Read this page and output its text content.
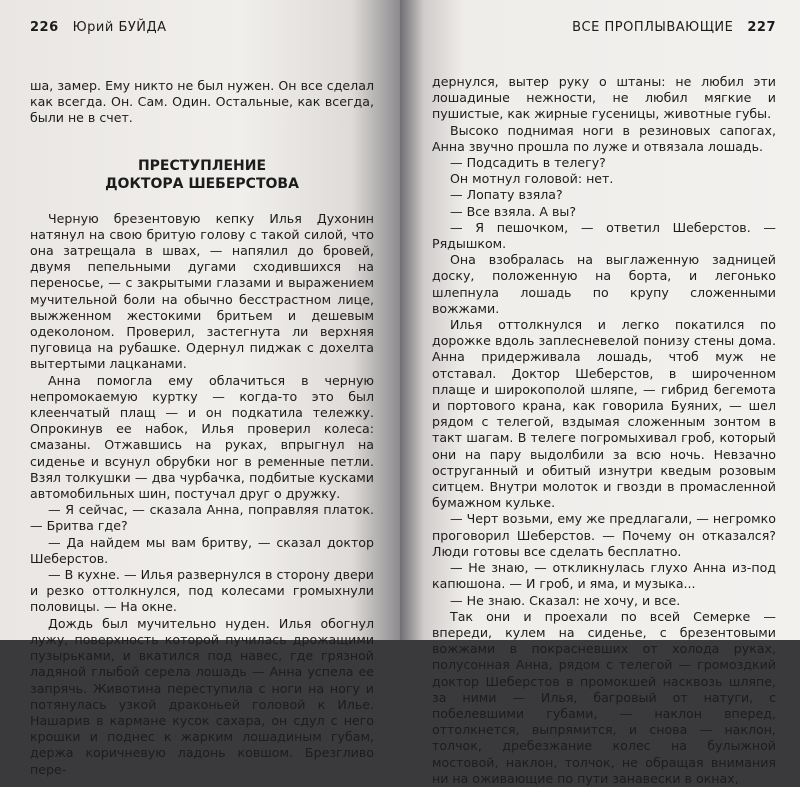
226 Юрий БУЙДА

ша, замер. Ему никто не был нужен. Он все сделал как всегда. Он. Сам. Один. Остальные, как всегда, были не в счет.

ПРЕСТУПЛЕНИЕ
ДОКТОРА ШЕБЕРСТОВА

Черную брезентовую кепку Илья Духонин натянул на свою бритую голову с такой силой, что она затрещала в швах, — напялил до бровей, двумя пепельными дугами сходившихся на переносье, — с закрытыми глазами и выражением мучительной боли на обычно бесстрастном лице, выжженном жестокими бритьем и дешевым одеколоном. Проверил, застегнута ли верхняя пуговица на рубашке. Одернул пиджак с дохелта вытертыми лацканами.

Анна помогла ему облачиться в черную непромокаемую куртку — когда-то это был клеенчатый плащ — и он подкатила тележку. Опрокинув ее набок, Илья проверил колеса: смазаны. Отжавшись на руках, впрыгнул на сиденье и всунул обрубки ног в ременные петли. Взял толкушки — два чурбачка, подбитые кусками автомобильных шин, постучал друг о дружку.

— Я сейчас, — сказала Анна, поправляя платок. — Бритва где?

— Да найдем мы вам бритву, — сказал доктор Шеберстов.

— В кухне. — Илья развернулся в сторону двери и резко оттолкнулся, под колесами громыхнули половицы. — На окне.

Дождь был мучительно нуден. Илья обогнул лужу, поверхность которой пучилась дрожащими пузырьками, и вкатился под навес, где грязной ладяной глыбой серела лошадь — Анна успела ее запрячь. Животина переступила с ноги на ногу и потянулась узкой драконьей головой к Илье. Нашарив в кармане кусок сахара, он сдул с него крошки и поднес к жарким лошадиным губам, держа коричневую ладонь ковшом. Брезгливо пере-

ВСЕ ПРОПЛЫВАЮЩИЕ 227

дернулся, вытер руку о штаны: не любил эти лошадиные нежности, не любил мягкие и пушистые, как жирные гусеницы, животные губы.

Высоко поднимая ноги в резиновых сапогах, Анна звучно прошла по луже и отвязала лошадь.

— Подсадить в телегу?

Он мотнул головой: нет.

— Лопату взяла?

— Все взяла. А вы?

— Я пешочком, — ответил Шеберстов. — Рядышком.

Она взобралась на выглаженную задницей доску, положенную на борта, и легонько шлепнула лошадь по крупу сложенными вожжами.

Илья оттолкнулся и легко покатился по дорожке вдоль заплесневелой понизу стены дома. Анна придерживала лошадь, чтоб муж не отставал. Доктор Шеберстов, в широченном плаще и широкополой шляпе, — гибрид бегемота и портового крана, как говорила Буяних, — шел рядом с телегой, вздымая сложенным зонтом в такт шагам. В телеге погромыхивал гроб, который они на пару выдолбили за всю ночь. Невзачно оструганный и обитый изнутри кведым розовым ситцем. Внутри молоток и гвозди в промасленной бумажном кульке.

— Черт возьми, ему же предлагали, — негромко проговорил Шеберстов. — Почему он отказался? Люди готовы все сделать бесплатно.

— Не знаю, — откликнулась глухо Анна из-под капюшона. — И гроб, и яма, и музыка...

— Не знаю. Сказал: не хочу, и все.

Так они и проехали по всей Семерке — впереди, кулем на сиденье, с брезентовыми вожжами в покрасневших от холода руках, полусонная Анна, рядом с телегой — громоздкий доктор Шеберстов в промокшей насквозь шляпе, за ними — Илья, багровый от натуги, с побелевшими губами, — наклон вперед, оттолкнется, выпрямится, и снова — наклон, толчок, дребезжание колес на булыжной мостовой, наклон, толчок, не обращая внимания ни на оживающие по пути занавески в окнах,
